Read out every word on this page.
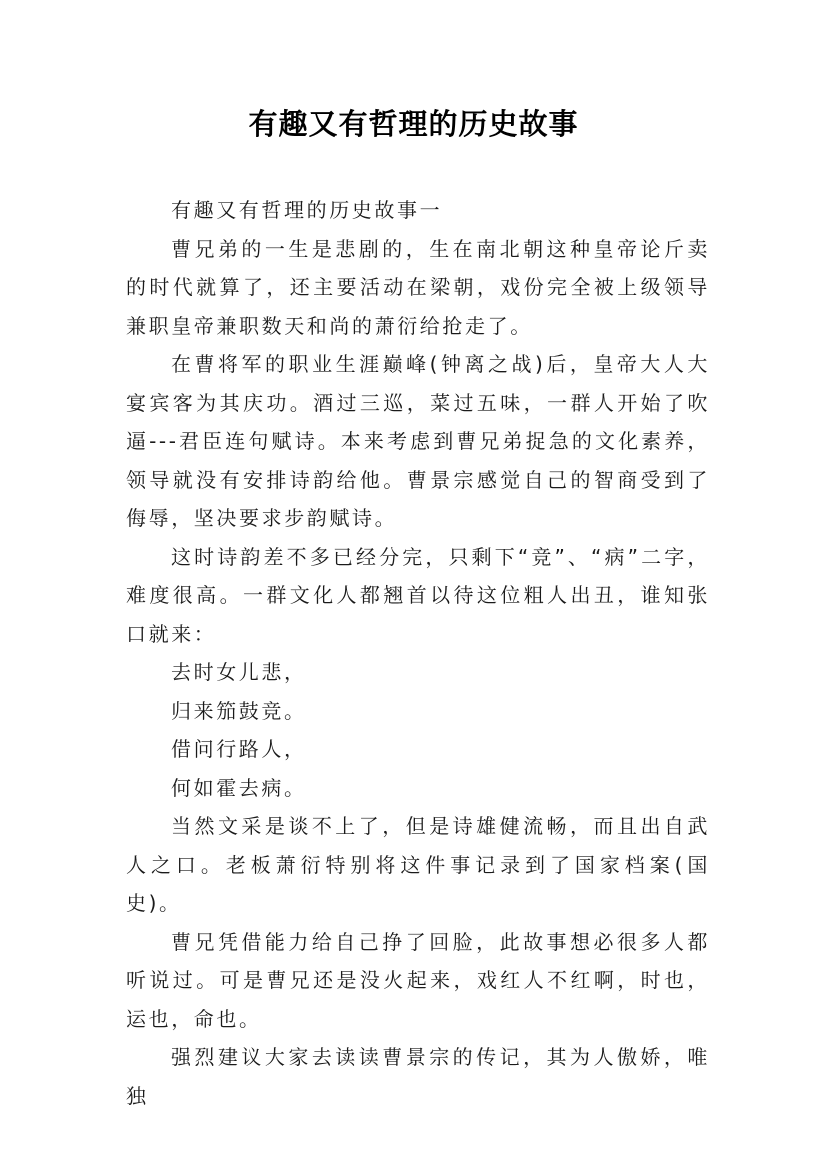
有趣又有哲理的历史故事

有趣又有哲理的历史故事一

曹兄弟的一生是悲剧的，生在南北朝这种皇帝论斤卖的时代就算了，还主要活动在梁朝，戏份完全被上级领导兼职皇帝兼职数天和尚的萧衍给抢走了。

在曹将军的职业生涯巅峰(钟离之战)后，皇帝大人大宴宾客为其庆功。酒过三巡，菜过五味，一群人开始了吹逼---君臣连句赋诗。本来考虑到曹兄弟捉急的文化素养，领导就没有安排诗韵给他。曹景宗感觉自己的智商受到了侮辱，坚决要求步韵赋诗。

这时诗韵差不多已经分完，只剩下“竞”、“病”二字，难度很高。一群文化人都翘首以待这位粗人出丑，谁知张口就来：

去时女儿悲，

归来笳鼓竞。

借问行路人，

何如霍去病。

当然文采是谈不上了，但是诗雄健流畅，而且出自武人之口。老板萧衍特别将这件事记录到了国家档案(国史)。

曹兄凭借能力给自己挣了回脸，此故事想必很多人都听说过。可是曹兄还是没火起来，戏红人不红啊，时也，运也，命也。

强烈建议大家去读读曹景宗的传记，其为人傲娇，唯独
